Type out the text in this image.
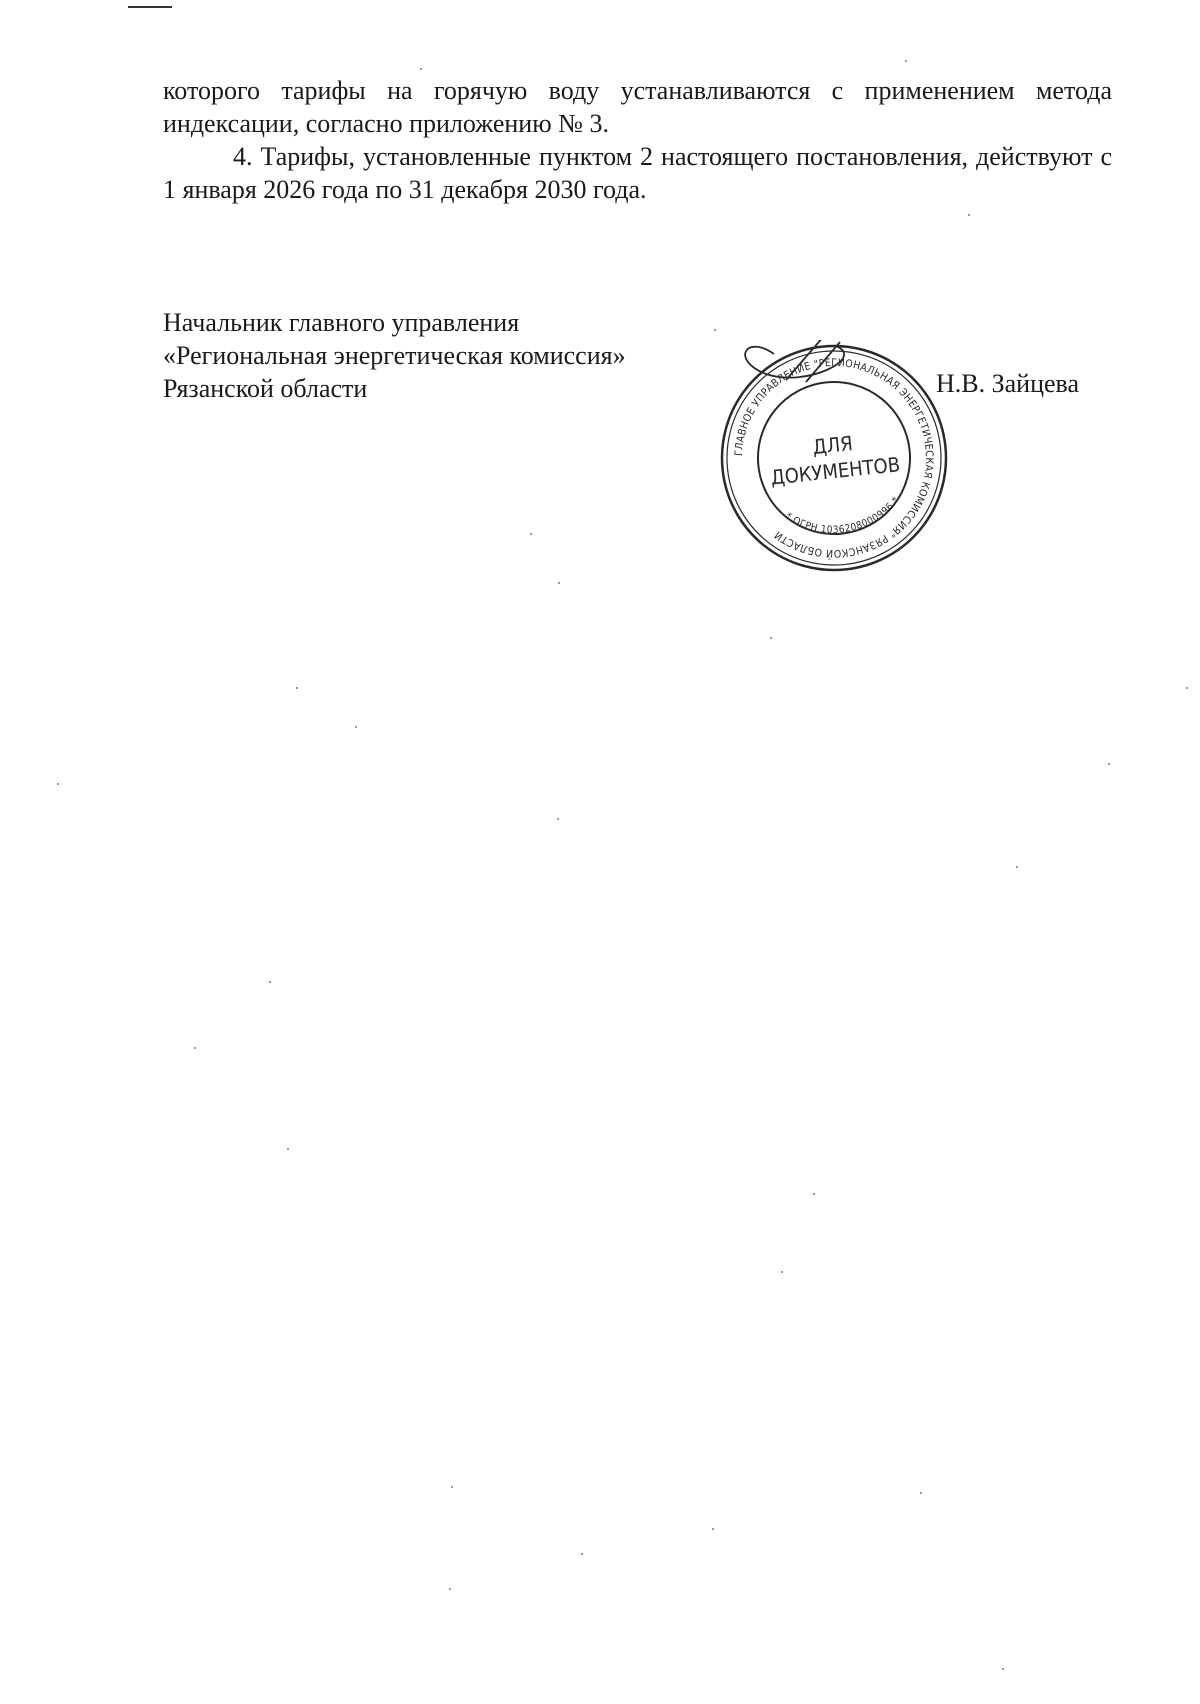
которого тарифы на горячую воду устанавливаются с применением метода индексации, согласно приложению № 3.

4. Тарифы, установленные пунктом 2 настоящего постановления, действуют с 1 января 2026 года по 31 декабря 2030 года.

Начальник главного управления
«Региональная энергетическая комиссия»
Рязанской области	Н.В. Зайцева
ГЛАВНОЕ УПРАВЛЕНИЕ "РЕГИОНАЛЬНАЯ ЭНЕРГЕТИЧЕСКАЯ КОМИССИЯ" РЯЗАНСКОЙ ОБЛАСТИ
* ОГРН 1036208000996 *
ДЛЯ
ДОКУМЕНТОВ
